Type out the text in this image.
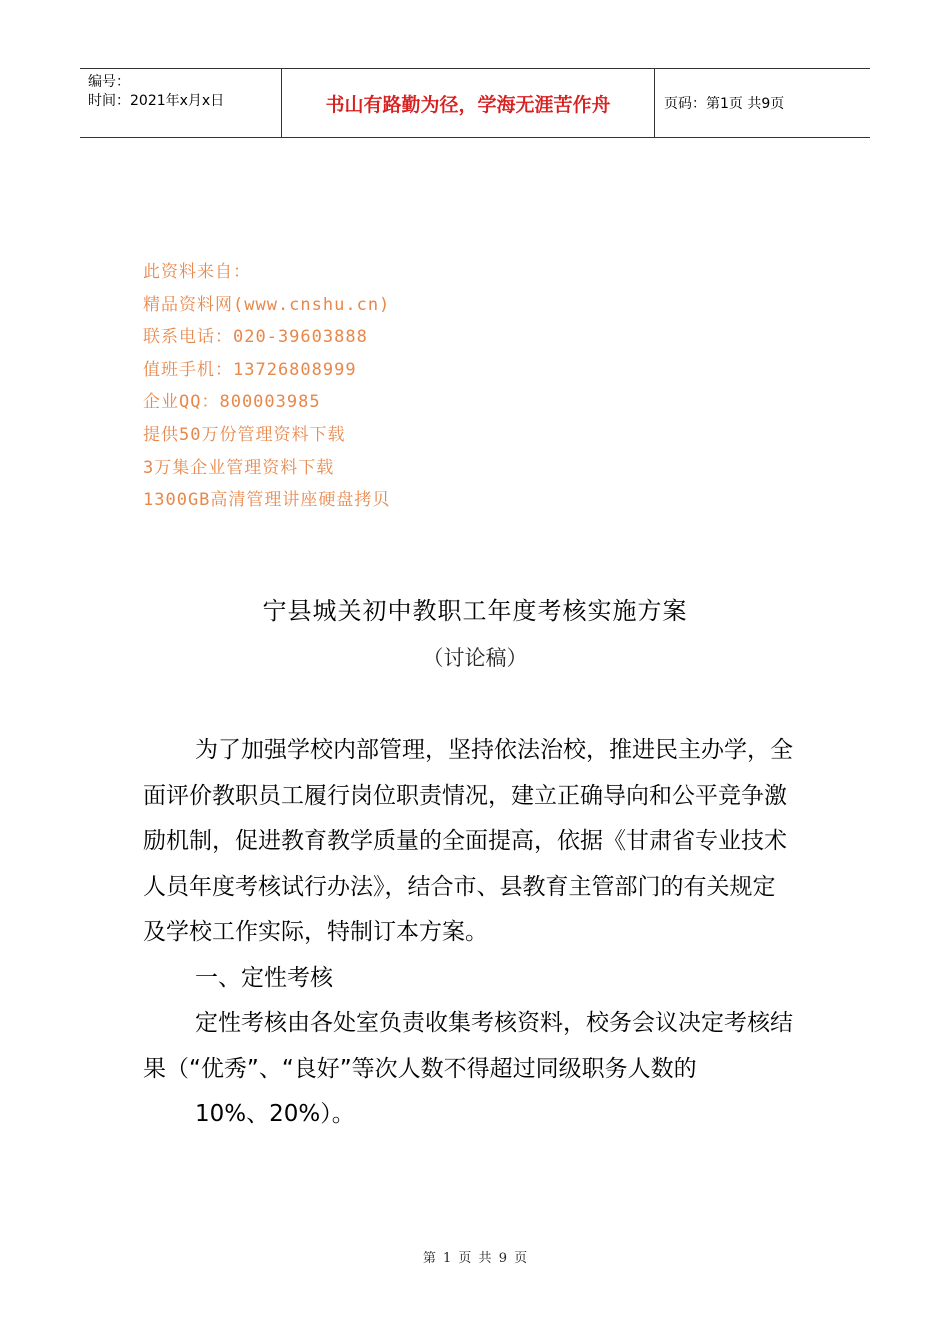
编号：
时间：2021年x月x日	书山有路勤为径，学海无涯苦作舟	页码：第1页 共9页
此资料来自：
精品资料网(www.cnshu.cn)
联系电话：020-39603888
值班手机：13726808999
企业QQ：800003985
提供50万份管理资料下载
3万集企业管理资料下载
1300GB高清管理讲座硬盘拷贝
宁县城关初中教职工年度考核实施方案
（讨论稿）

为了加强学校内部管理，坚持依法治校，推进民主办学，全面评价教职员工履行岗位职责情况，建立正确导向和公平竞争激励机制，促进教育教学质量的全面提高，依据《甘肃省专业技术人员年度考核试行办法》，结合市、县教育主管部门的有关规定及学校工作实际，特制订本方案。

一、定性考核

定性考核由各处室负责收集考核资料，校务会议决定考核结果（“优秀”、“良好”等次人数不得超过同级职务人数的

10%、20%）。

第 1 页 共 9 页
